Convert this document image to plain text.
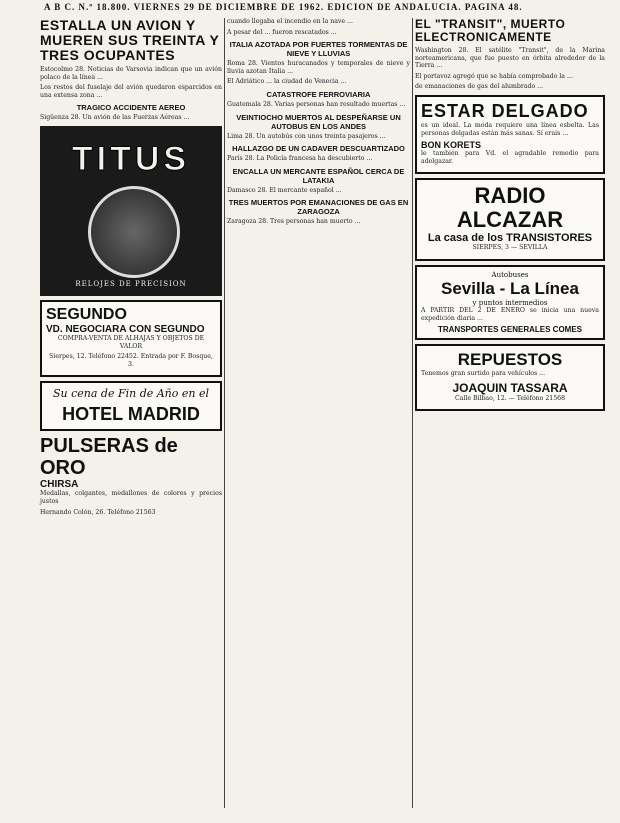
A B C. N.º 18.800. VIERNES 29 DE DICIEMBRE DE 1962. EDICION DE ANDALUCIA. PAGINA 48.
ESTALLA UN AVION Y MUEREN SUS TREINTA Y TRES OCUPANTES

Estocolmo 28. Noticias de Varsovia indican que un avión polaco de la línea ...

Los restos del fuselaje del avión quedaron esparcidos en una extensa zona ...

TRAGICO ACCIDENTE AEREO

Sigüenza 28. Un avión de las Fuerzas Aéreas ...

TITUS
RELOJES DE PRECISION
SEGUNDO
VD. NEGOCIARA CON SEGUNDO
COMPRA-VENTA DE ALHAJAS Y OBJETOS DE VALOR
Sierpes, 12. Teléfono 22452. Entrada por F. Bosque, 3.
Su cena de Fin de Año en el
HOTEL MADRID
PULSERAS de ORO
CHIRSA
Medallas, colgantes, medallones de colores y precios justos
Hernando Colón, 26. Teléfono 21563

cuando llegaba el incendio en la nave ...

A pesar del ... fueron rescatados ...

ITALIA AZOTADA POR FUERTES TORMENTAS DE NIEVE Y LLUVIAS

Roma 28. Vientos huracanados y temporales de nieve y lluvia azotan Italia ...

El Adriático ... la ciudad de Venecia ...

CATASTROFE FERROVIARIA

Guatemala 28. Varias personas han resultado muertas ...

VEINTIOCHO MUERTOS AL DESPEÑARSE UN AUTOBUS EN LOS ANDES

Lima 28. Un autobús con unos treinta pasajeros ...

HALLAZGO DE UN CADAVER DESCUARTIZADO

París 28. La Policía francesa ha descubierto ...

ENCALLA UN MERCANTE ESPAÑOL CERCA DE LATAKIA

Damasco 28. El mercante español ...

TRES MUERTOS POR EMANACIONES DE GAS EN ZARAGOZA

Zaragoza 28. Tres personas han muerto ...

EL "TRANSIT", MUERTO ELECTRONICAMENTE

Washington 28. El satélite "Transit", de la Marina norteamericana, que fue puesto en órbita alrededor de la Tierra ...

El portavoz agregó que se había comprobado la ...

de emanaciones de gas del alumbrado ...

ESTAR DELGADO

es un ideal. La moda requiere una línea esbelta. Las personas delgadas están más sanas. Sí erais ...

BON KORETS

le también para Vd. el agradable remedio para adelgazar.

RADIO ALCAZAR
La casa de los TRANSISTORES
SIERPES, 3 — SEVILLA
Autobuses
Sevilla - La Línea
y puntos intermedios

A PARTIR DEL 2 DE ENERO se inicia una nueva expedición diaria ...

TRANSPORTES GENERALES COMES
REPUESTOS

Tenemos gran surtido para vehículos ...

JOAQUIN TASSARA
Calle Bilbao, 12. — Teléfono 21568
